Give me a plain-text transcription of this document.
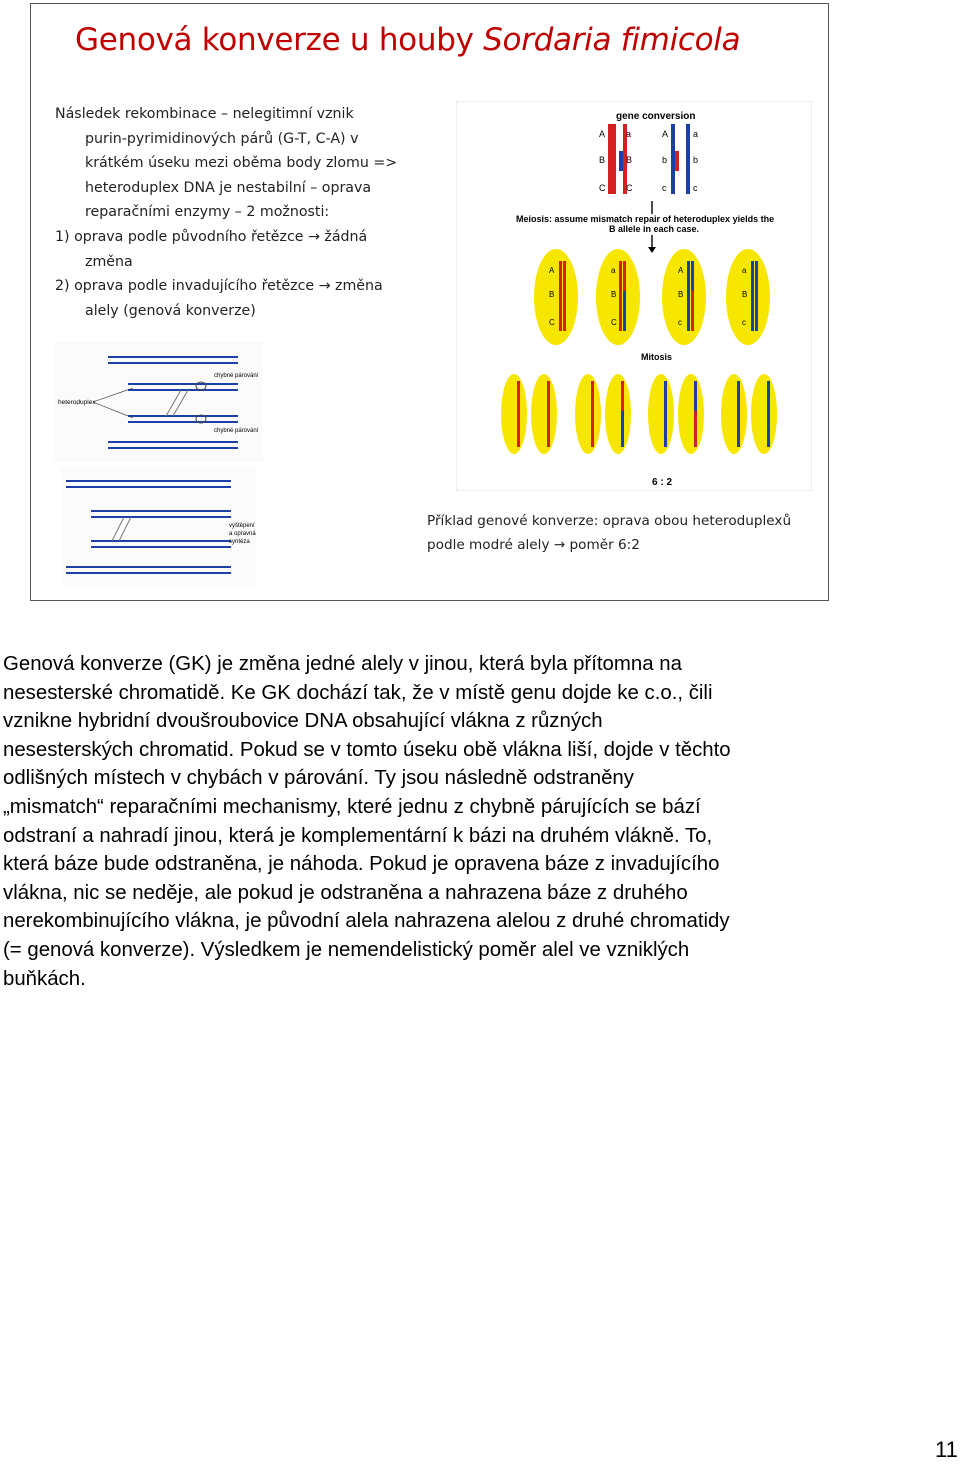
Genová konverze u houby Sordaria fimicola
Následek rekombinace – nelegitimní vznik
purin-pyrimidinových párů (G-T, C-A) v
krátkém úseku mezi oběma body zlomu =>
heteroduplex DNA je nestabilní – oprava
reparačními enzymy – 2 možnosti:
1) oprava podle původního řetězce → žádná
změna
2) oprava podle invadujícího řetězce → změna
alely (genová konverze)
gene conversion
A a	A	a
B B	b	b
C C	c	c
Meiosis: assume mismatch repair of heteroduplex yields the
B allele in each case.
A
B
C
a
B
C
A
B
c
a
B
c
Mitosis
6 : 2
chybné párování
chybné párování
heteroduplex
vyštěpení
a opravná
syntéza
Příklad genové konverze: oprava obou heteroduplexů
podle modré alely → poměr 6:2
Genová konverze (GK) je změna jedné alely v jinou, která byla přítomna na
nesesterské chromatidě. Ke GK dochází tak, že v místě genu dojde ke c.o., čili
vznikne hybridní dvoušroubovice DNA obsahující vlákna z různých
nesesterských chromatid. Pokud se v tomto úseku obě vlákna liší, dojde v těchto
odlišných místech v chybách v párování. Ty jsou následně odstraněny
„mismatch“ reparačními mechanismy, které jednu z chybně párujících se bází
odstraní a nahradí jinou, která je komplementární k bázi na druhém vlákně. To,
která báze bude odstraněna, je náhoda. Pokud je opravena báze z invadujícího
vlákna, nic se neděje, ale pokud je odstraněna a nahrazena báze z druhého
nerekombinujícího vlákna, je původní alela nahrazena alelou z druhé chromatidy
(= genová konverze). Výsledkem je nemendelistický poměr alel ve vzniklých
buňkách.
11
